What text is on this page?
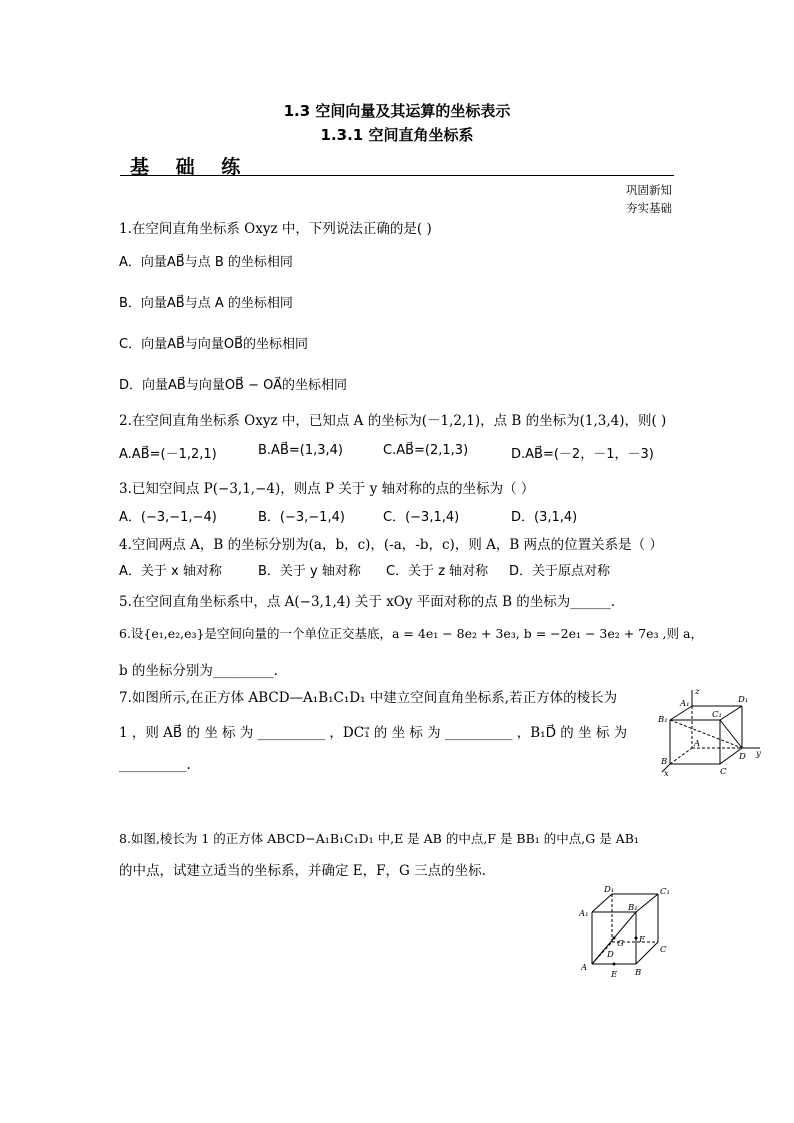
1.3 空间向量及其运算的坐标表示
1.3.1 空间直角坐标系
基 础 练
巩固新知
夯实基础
1.在空间直角坐标系 Oxyz 中，下列说法正确的是( )
A．向量AB⃗与点 B 的坐标相同
B．向量AB⃗与点 A 的坐标相同
C．向量AB⃗与向量OB⃗的坐标相同
D．向量AB⃗与向量OB⃗ − OA⃗的坐标相同
2.在空间直角坐标系 Oxyz 中，已知点 A 的坐标为(－1,2,1)，点 B 的坐标为(1,3,4)，则( )
A.AB⃗=(－1,2,1)	B.AB⃗=(1,3,4)	C.AB⃗=(2,1,3)	D.AB⃗=(－2，－1，－3)
3.已知空间点 P(−3,1,−4)，则点 P 关于 y 轴对称的点的坐标为（ ）
A．(−3,−1,−4)	B．(−3,−1,4)	C．(−3,1,4)	D．(3,1,4)
4.空间两点 A，B 的坐标分别为(a，b，c)，(-a，-b，c)，则 A，B 两点的位置关系是（ ）
A．关于 x 轴对称	B．关于 y 轴对称 C．关于 z 轴对称 D．关于原点对称
5.在空间直角坐标系中，点 A(−3,1,4) 关于 xOy 平面对称的点 B 的坐标为______.
6.设{e₁,e₂,e₃}是空间向量的一个单位正交基底，a = 4e₁ − 8e₂ + 3e₃, b = −2e₁ − 3e₂ + 7e₃ ,则 a，
b 的坐标分别为_________.
7.如图所示,在正方体 ABCD—A₁B₁C₁D₁ 中建立空间直角坐标系,若正方体的棱长为
1 ，则 AB⃗ 的 坐 标 为 __________ ，DC₁⃗ 的 坐 标 为 __________ ，B₁D⃗ 的 坐 标 为
__________.
A₁
z
D₁
B₁	C₁
A
B
x	C
D y
8.如图,棱长为 1 的正方体 ABCD−A₁B₁C₁D₁ 中,E 是 AB 的中点,F 是 BB₁ 的中点,G 是 AB₁
的中点，试建立适当的坐标系，并确定 E，F，G 三点的坐标.
D₁	C₁
A₁
B₁
G F
C
D
A
E B
